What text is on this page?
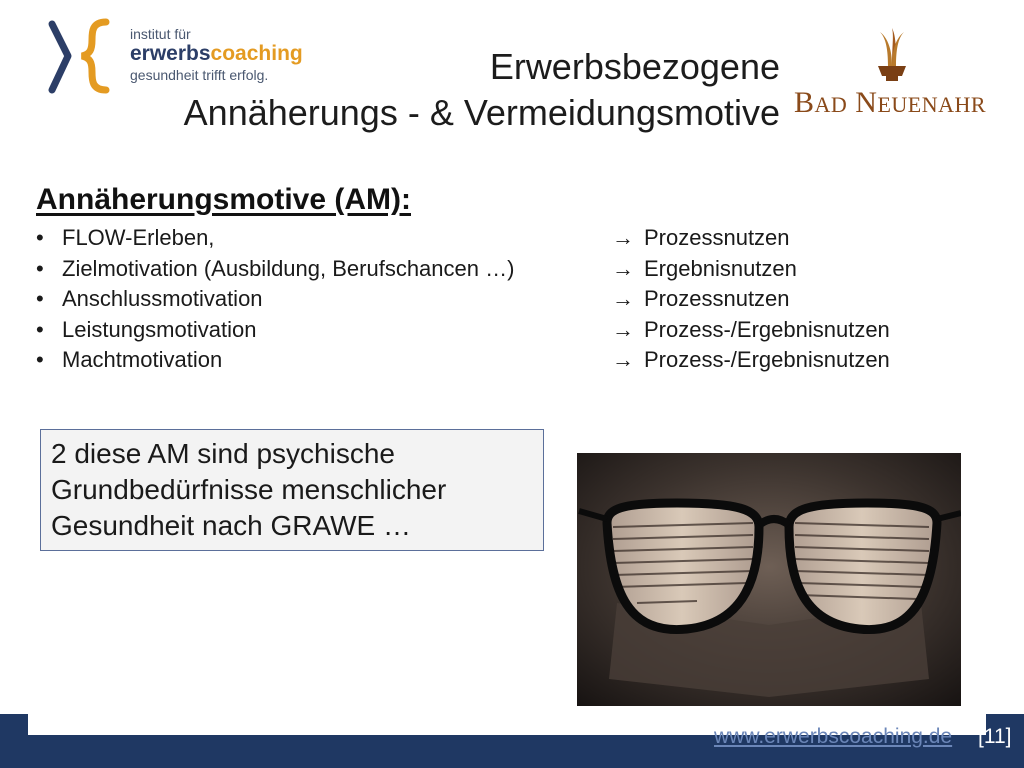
institut für
erwerbscoaching
gesundheit trifft erfolg.	Erwerbsbezogene
Annäherungs - & Vermeidungsmotive BAD NEUENAHR
Annäherungsmotive (AM):
• FLOW-Erleben,	→ Prozessnutzen
• Zielmotivation (Ausbildung, Berufschancen …)	→ Ergebnisnutzen
• Anschlussmotivation	→ Prozessnutzen
• Leistungsmotivation	→ Prozess-/Ergebnisnutzen
• Machtmotivation	→ Prozess-/Ergebnisnutzen
2 diese AM sind psychische
Grundbedürfnisse menschlicher
Gesundheit nach GRAWE …
www.erwerbscoaching.de [11]
